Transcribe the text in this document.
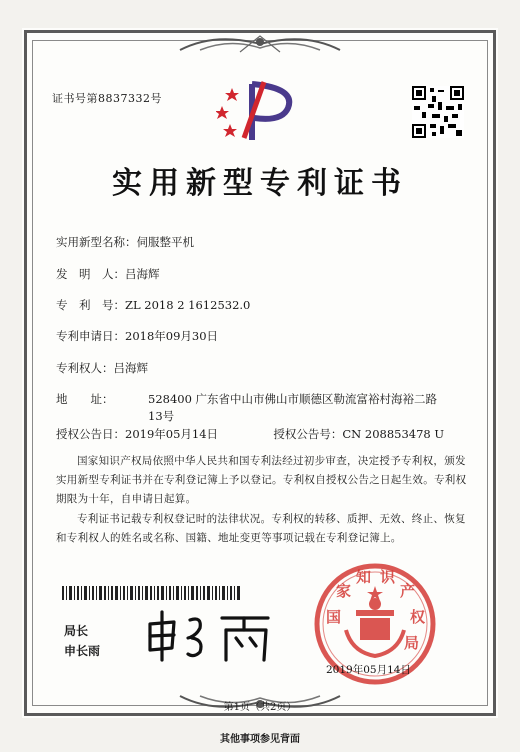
证书号第8837332号
实用新型专利证书
实用新型名称：伺服整平机
发　明　人：吕海辉
专　利　号：ZL 2018 2 1612532.0
专利申请日：2018年09月30日
专利权人：吕海辉
地　　址：	528400 广东省中山市佛山市顺德区勒流富裕村海裕二路13号
授权公告日：2019年05月14日	授权公告号：CN 208853478 U
国家知识产权局依照中华人民共和国专利法经过初步审查，决定授予专利权，颁发实用新型专利证书并在专利登记簿上予以登记。专利权自授权公告之日起生效。专利权期限为十年，自申请日起算。
专利证书记载专利权登记时的法律状况。专利权的转移、质押、无效、终止、恢复和专利权人的姓名或名称、国籍、地址变更等事项记载在专利登记簿上。
局长
申长雨
国
家
知 识
产
权
局
2019年05月14日
第1页（共2页）
其他事项参见背面
